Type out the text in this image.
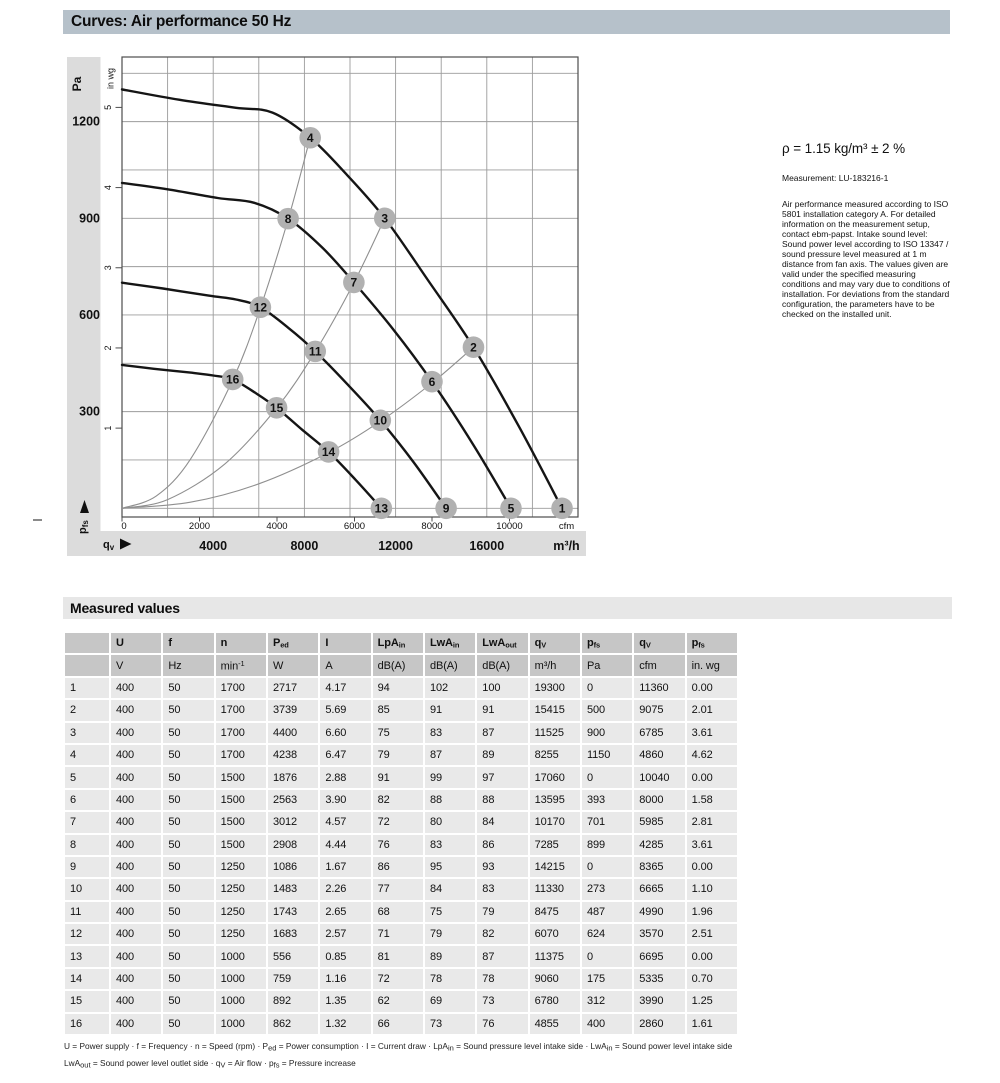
Curves: Air performance 50 Hz
Pa
300
600
900
1200
pfs
in wg
1
2
3
4
5
0	2000	4000	6000	8000	10000	cfm
4000	8000	12000	16000	m³/h
qv
1
2
3
4
5
6
7
8
9
10
11
12
13
14
15
16
ρ = 1.15 kg/m³ ± 2 %
Measurement: LU-183216-1
Air performance measured according to ISO 5801 installation category A. For detailed information on the measurement setup, contact ebm-papst. Intake sound level: Sound power level according to ISO 13347 / sound pressure level measured at 1 m distance from fan axis. The values given are valid under the specified measuring conditions and may vary due to conditions of installation. For deviations from the standard configuration, the parameters have to be checked on the installed unit.
Measured values
	U	f	n	Ped	I	LpAin	LwAin	LwAout	qV	pfs	qV	pfs
	V	Hz	$\min^{-1}$	W	A	dB(A)	dB(A)	dB(A)	m³/h	Pa	cfm	in. wg
1	400	50	1700	2717	4.17	94	102	100	19300	0	11360	0.00
2	400	50	1700	3739	5.69	85	91	91	15415	500	9075	2.01
3	400	50	1700	4400	6.60	75	83	87	11525	900	6785	3.61
4	400	50	1700	4238	6.47	79	87	89	8255	1150	4860	4.62
5	400	50	1500	1876	2.88	91	99	97	17060	0	10040	0.00
6	400	50	1500	2563	3.90	82	88	88	13595	393	8000	1.58
7	400	50	1500	3012	4.57	72	80	84	10170	701	5985	2.81
8	400	50	1500	2908	4.44	76	83	86	7285	899	4285	3.61
9	400	50	1250	1086	1.67	86	95	93	14215	0	8365	0.00
10	400	50	1250	1483	2.26	77	84	83	11330	273	6665	1.10
11	400	50	1250	1743	2.65	68	75	79	8475	487	4990	1.96
12	400	50	1250	1683	2.57	71	79	82	6070	624	3570	2.51
13	400	50	1000	556	0.85	81	89	87	11375	0	6695	0.00
14	400	50	1000	759	1.16	72	78	78	9060	175	5335	0.70
15	400	50	1000	892	1.35	62	69	73	6780	312	3990	1.25
16	400	50	1000	862	1.32	66	73	76	4855	400	2860	1.61
U = Power supply · f = Frequency · n = Speed (rpm) · Ped = Power consumption · I = Current draw · LpAin = Sound pressure level intake side · LwAin = Sound power level intake side
LwAout = Sound power level outlet side · qV = Air flow · pfs = Pressure increase
